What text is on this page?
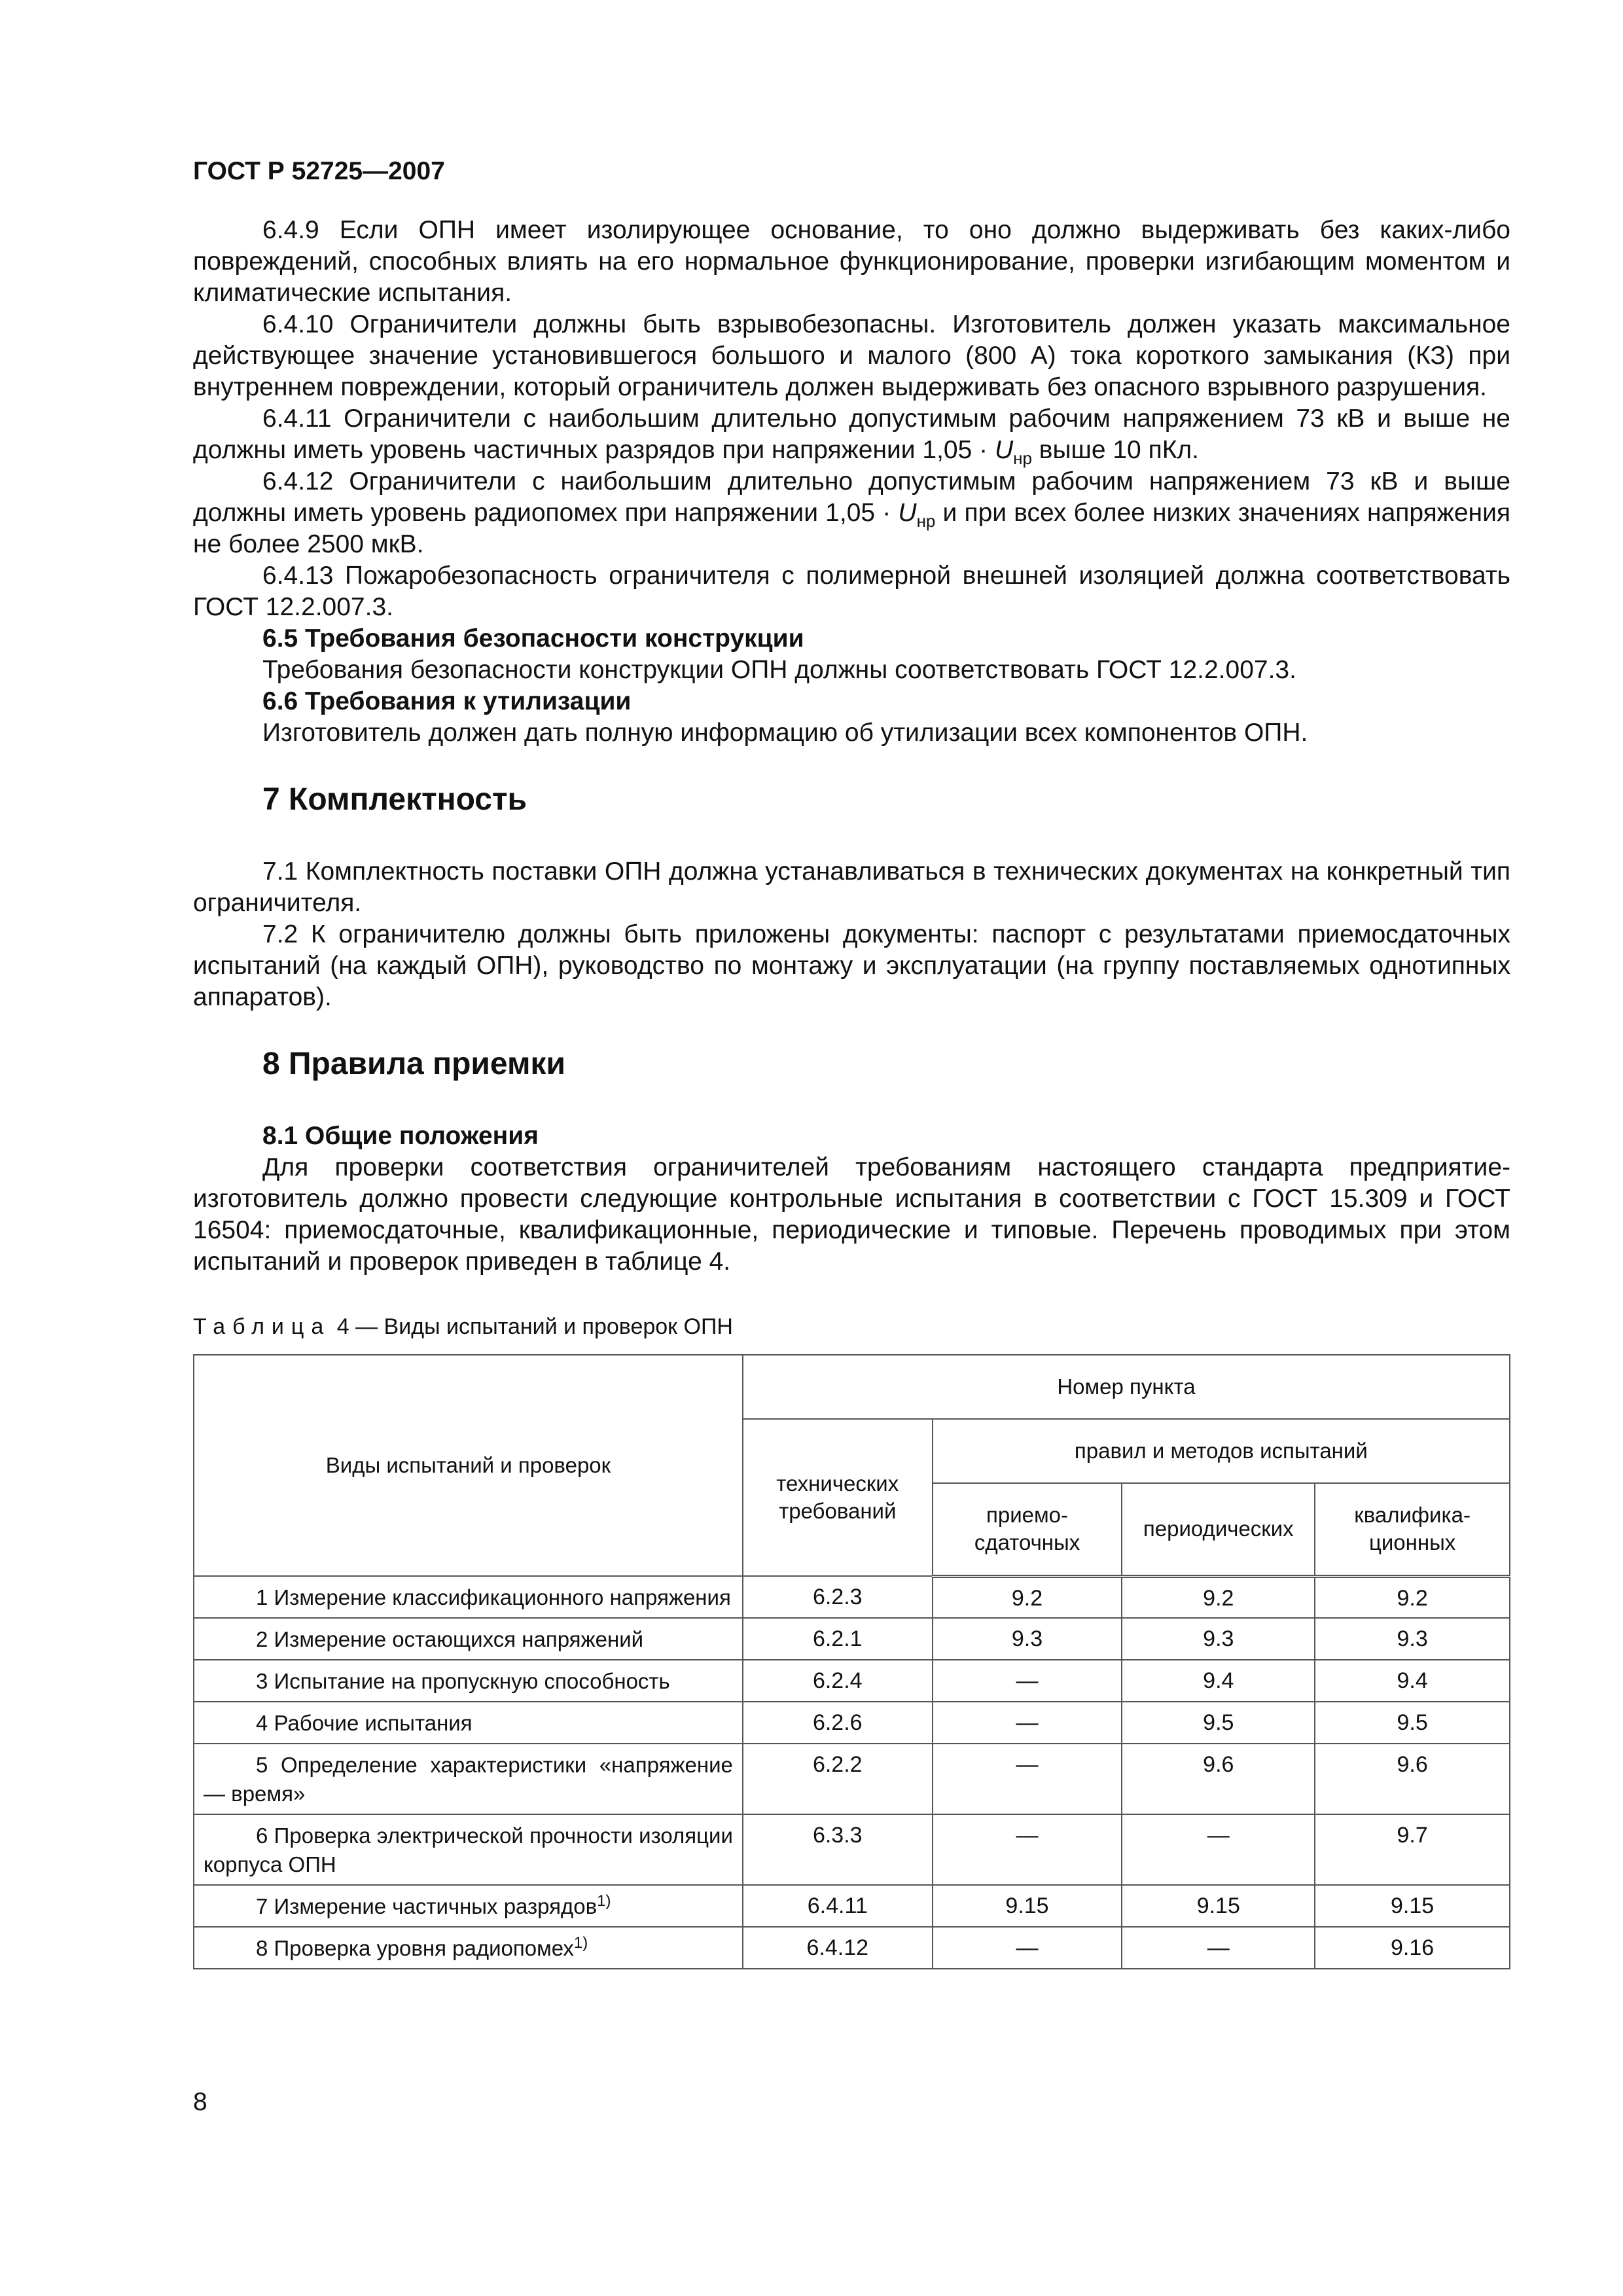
ГОСТ Р 52725—2007

6.4.9 Если ОПН имеет изолирующее основание, то оно должно выдерживать без каких-либо повреждений, способных влиять на его нормальное функционирование, проверки изгибающим моментом и климатические испытания.

6.4.10 Ограничители должны быть взрывобезопасны. Изготовитель должен указать максимальное действующее значение установившегося большого и малого (800 А) тока короткого замыкания (КЗ) при внутреннем повреждении, который ограничитель должен выдерживать без опасного взрывного разрушения.

6.4.11 Ограничители с наибольшим длительно допустимым рабочим напряжением 73 кВ и выше не должны иметь уровень частичных разрядов при напряжении $1,05 \cdot U_{нр}$ выше 10 пКл.

6.4.12 Ограничители с наибольшим длительно допустимым рабочим напряжением 73 кВ и выше должны иметь уровень радиопомех при напряжении $1,05 \cdot U_{нр}$ и при всех более низких значениях напряжения не более 2500 мкВ.

6.4.13 Пожаробезопасность ограничителя с полимерной внешней изоляцией должна соответствовать ГОСТ 12.2.007.3.

6.5 Требования безопасности конструкции

Требования безопасности конструкции ОПН должны соответствовать ГОСТ 12.2.007.3.

6.6 Требования к утилизации

Изготовитель должен дать полную информацию об утилизации всех компонентов ОПН.

7 Комплектность

7.1 Комплектность поставки ОПН должна устанавливаться в технических документах на конкретный тип ограничителя.

7.2 К ограничителю должны быть приложены документы: паспорт с результатами приемосдаточных испытаний (на каждый ОПН), руководство по монтажу и эксплуатации (на группу поставляемых однотипных аппаратов).

8 Правила приемки

8.1 Общие положения

Для проверки соответствия ограничителей требованиям настоящего стандарта предприятие-изготовитель должно провести следующие контрольные испытания в соответствии с ГОСТ 15.309 и ГОСТ 16504: приемосдаточные, квалификационные, периодические и типовые. Перечень проводимых при этом испытаний и проверок приведен в таблице 4.

Таблица 4 — Виды испытаний и проверок ОПН
Виды испытаний и проверок	Номер пункта			
	технических требований	правил и методов испытаний		
		приемо-сдаточных	периодических	квалифика-ционных
1 Измерение классификационного напряжения	6.2.3	9.2	9.2	9.2
2 Измерение остающихся напряжений	6.2.1	9.3	9.3	9.3
3 Испытание на пропускную способность	6.2.4	—	9.4	9.4
4 Рабочие испытания	6.2.6	—	9.5	9.5
5 Определение характеристики «напряжение — время»	6.2.2	—	9.6	9.6
6 Проверка электрической прочности изоляции корпуса ОПН	6.3.3	—	—	9.7
7 Измерение частичных разрядов$^{1)}$	6.4.11	9.15	9.15	9.15
8 Проверка уровня радиопомех$^{1)}$	6.4.12	—	—	9.16
8
